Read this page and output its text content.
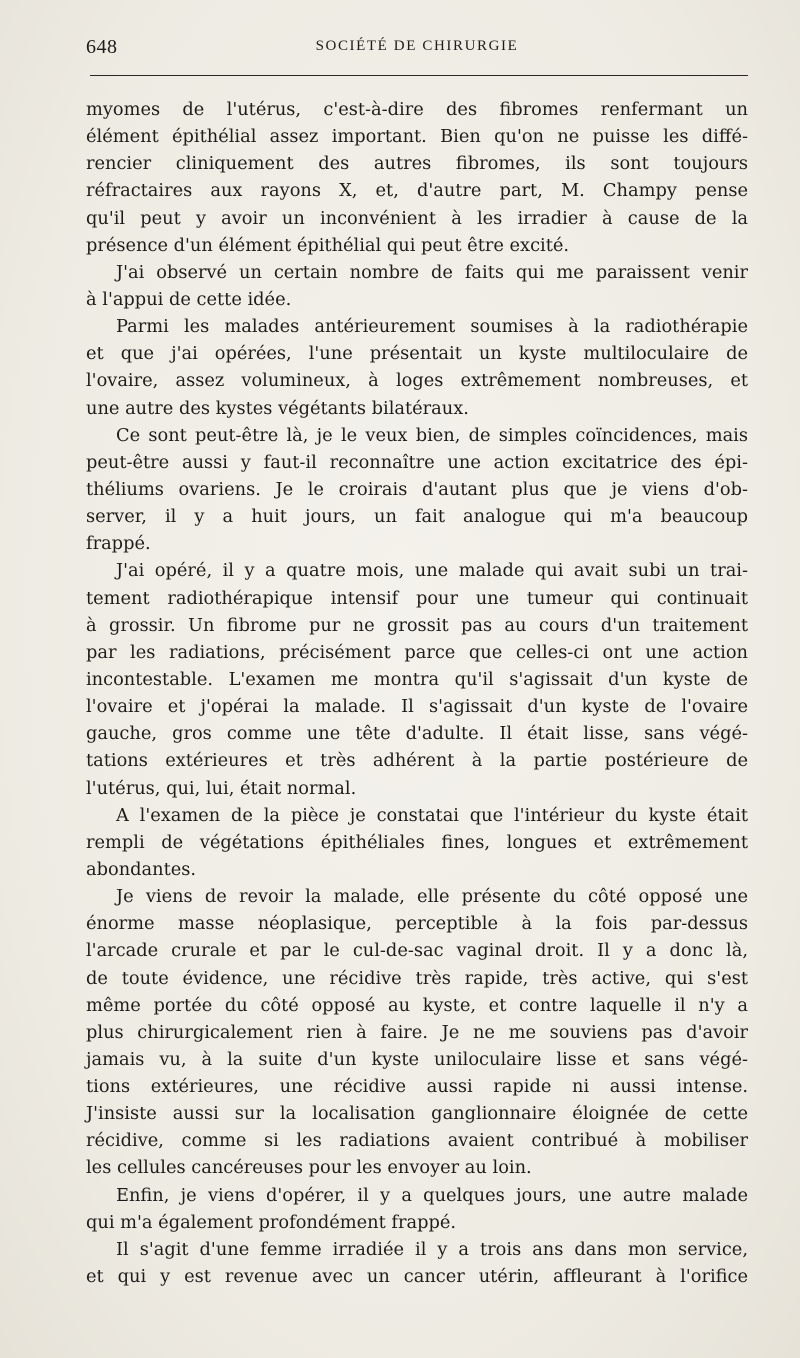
648	SOCIÉTÉ DE CHIRURGIE
myomes de l'utérus, c'est-à-dire des fibromes renfermant un
élément épithélial assez important. Bien qu'on ne puisse les diffé-
rencier cliniquement des autres fibromes, ils sont toujours
réfractaires aux rayons X, et, d'autre part, M. Champy pense
qu'il peut y avoir un inconvénient à les irradier à cause de la
présence d'un élément épithélial qui peut être excité.
J'ai observé un certain nombre de faits qui me paraissent venir
à l'appui de cette idée.
Parmi les malades antérieurement soumises à la radiothérapie
et que j'ai opérées, l'une présentait un kyste multiloculaire de
l'ovaire, assez volumineux, à loges extrêmement nombreuses, et
une autre des kystes végétants bilatéraux.
Ce sont peut-être là, je le veux bien, de simples coïncidences, mais
peut-être aussi y faut-il reconnaître une action excitatrice des épi-
théliums ovariens. Je le croirais d'autant plus que je viens d'ob-
server, il y a huit jours, un fait analogue qui m'a beaucoup
frappé.
J'ai opéré, il y a quatre mois, une malade qui avait subi un trai-
tement radiothérapique intensif pour une tumeur qui continuait
à grossir. Un fibrome pur ne grossit pas au cours d'un traitement
par les radiations, précisément parce que celles-ci ont une action
incontestable. L'examen me montra qu'il s'agissait d'un kyste de
l'ovaire et j'opérai la malade. Il s'agissait d'un kyste de l'ovaire
gauche, gros comme une tête d'adulte. Il était lisse, sans végé-
tations extérieures et très adhérent à la partie postérieure de
l'utérus, qui, lui, était normal.
A l'examen de la pièce je constatai que l'intérieur du kyste était
rempli de végétations épithéliales fines, longues et extrêmement
abondantes.
Je viens de revoir la malade, elle présente du côté opposé une
énorme masse néoplasique, perceptible à la fois par-dessus
l'arcade crurale et par le cul-de-sac vaginal droit. Il y a donc là,
de toute évidence, une récidive très rapide, très active, qui s'est
même portée du côté opposé au kyste, et contre laquelle il n'y a
plus chirurgicalement rien à faire. Je ne me souviens pas d'avoir
jamais vu, à la suite d'un kyste uniloculaire lisse et sans végé-
tions extérieures, une récidive aussi rapide ni aussi intense.
J'insiste aussi sur la localisation ganglionnaire éloignée de cette
récidive, comme si les radiations avaient contribué à mobiliser
les cellules cancéreuses pour les envoyer au loin.
Enfin, je viens d'opérer, il y a quelques jours, une autre malade
qui m'a également profondément frappé.
Il s'agit d'une femme irradiée il y a trois ans dans mon service,
et qui y est revenue avec un cancer utérin, affleurant à l'orifice
